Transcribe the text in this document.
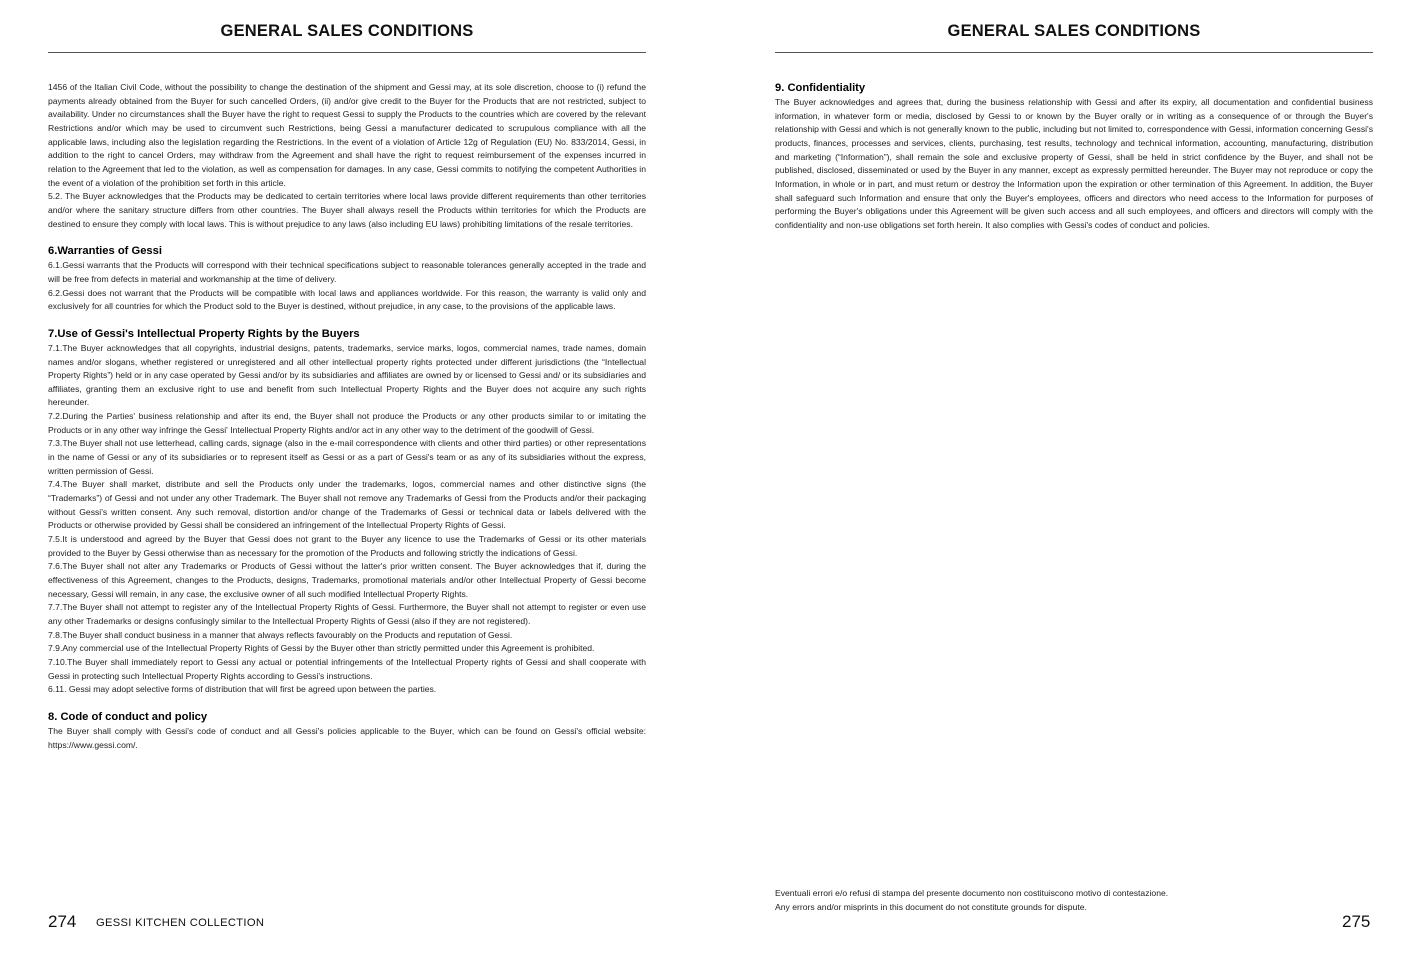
GENERAL SALES CONDITIONS

1456 of the Italian Civil Code, without the possibility to change the destination of the shipment and Gessi may, at its sole discretion, choose to (i) refund the payments already obtained from the Buyer for such cancelled Orders, (ii) and/or give credit to the Buyer for the Products that are not restricted, subject to availability. Under no circumstances shall the Buyer have the right to request Gessi to supply the Products to the countries which are covered by the relevant Restrictions and/or which may be used to circumvent such Restrictions, being Gessi a manufacturer dedicated to scrupulous compliance with all the applicable laws, including also the legislation regarding the Restrictions. In the event of a violation of Article 12g of Regulation (EU) No. 833/2014, Gessi, in addition to the right to cancel Orders, may withdraw from the Agreement and shall have the right to request reimbursement of the expenses incurred in relation to the Agreement that led to the violation, as well as compensation for damages. In any case, Gessi commits to notifying the competent Authorities in the event of a violation of the prohibition set forth in this article.

5.2. The Buyer acknowledges that the Products may be dedicated to certain territories where local laws provide different requirements than other territories and/or where the sanitary structure differs from other countries. The Buyer shall always resell the Products within territories for which the Products are destined to ensure they comply with local laws. This is without prejudice to any laws (also including EU laws) prohibiting limitations of the resale territories.

6.Warranties of Gessi

6.1.Gessi warrants that the Products will correspond with their technical specifications subject to reasonable tolerances generally accepted in the trade and will be free from defects in material and workmanship at the time of delivery.

6.2.Gessi does not warrant that the Products will be compatible with local laws and appliances worldwide. For this reason, the warranty is valid only and exclusively for all countries for which the Product sold to the Buyer is destined, without prejudice, in any case, to the provisions of the applicable laws.

7.Use of Gessi's Intellectual Property Rights by the Buyers

7.1.The Buyer acknowledges that all copyrights, industrial designs, patents, trademarks, service marks, logos, commercial names, trade names, domain names and/or slogans, whether registered or unregistered and all other intellectual property rights protected under different jurisdictions (the “Intellectual Property Rights”) held or in any case operated by Gessi and/or by its subsidiaries and affiliates are owned by or licensed to Gessi and/ or its subsidiaries and affiliates, granting them an exclusive right to use and benefit from such Intellectual Property Rights and the Buyer does not acquire any such rights hereunder.

7.2.During the Parties' business relationship and after its end, the Buyer shall not produce the Products or any other products similar to or imitating the Products or in any other way infringe the Gessi' Intellectual Property Rights and/or act in any other way to the detriment of the goodwill of Gessi.

7.3.The Buyer shall not use letterhead, calling cards, signage (also in the e-mail correspondence with clients and other third parties) or other representations in the name of Gessi or any of its subsidiaries or to represent itself as Gessi or as a part of Gessi's team or as any of its subsidiaries without the express, written permission of Gessi.

7.4.The Buyer shall market, distribute and sell the Products only under the trademarks, logos, commercial names and other distinctive signs (the “Trademarks”) of Gessi and not under any other Trademark. The Buyer shall not remove any Trademarks of Gessi from the Products and/or their packaging without Gessi's written consent. Any such removal, distortion and/or change of the Trademarks of Gessi or technical data or labels delivered with the Products or otherwise provided by Gessi shall be considered an infringement of the Intellectual Property Rights of Gessi.

7.5.It is understood and agreed by the Buyer that Gessi does not grant to the Buyer any licence to use the Trademarks of Gessi or its other materials provided to the Buyer by Gessi otherwise than as necessary for the promotion of the Products and following strictly the indications of Gessi.

7.6.The Buyer shall not alter any Trademarks or Products of Gessi without the latter's prior written consent. The Buyer acknowledges that if, during the effectiveness of this Agreement, changes to the Products, designs, Trademarks, promotional materials and/or other Intellectual Property of Gessi become necessary, Gessi will remain, in any case, the exclusive owner of all such modified Intellectual Property Rights.

7.7.The Buyer shall not attempt to register any of the Intellectual Property Rights of Gessi. Furthermore, the Buyer shall not attempt to register or even use any other Trademarks or designs confusingly similar to the Intellectual Property Rights of Gessi (also if they are not registered).

7.8.The Buyer shall conduct business in a manner that always reflects favourably on the Products and reputation of Gessi.

7.9.Any commercial use of the Intellectual Property Rights of Gessi by the Buyer other than strictly permitted under this Agreement is prohibited.

7.10.The Buyer shall immediately report to Gessi any actual or potential infringements of the Intellectual Property rights of Gessi and shall cooperate with Gessi in protecting such Intellectual Property Rights according to Gessi's instructions.

6.11. Gessi may adopt selective forms of distribution that will first be agreed upon between the parties.

8. Code of conduct and policy

The Buyer shall comply with Gessi's code of conduct and all Gessi's policies applicable to the Buyer, which can be found on Gessi's official website: https://www.gessi.com/.

274 GESSI KITCHEN COLLECTION
GENERAL SALES CONDITIONS
9. Confidentiality

The Buyer acknowledges and agrees that, during the business relationship with Gessi and after its expiry, all documentation and confidential business information, in whatever form or media, disclosed by Gessi to or known by the Buyer orally or in writing as a consequence of or through the Buyer's relationship with Gessi and which is not generally known to the public, including but not limited to, correspondence with Gessi, information concerning Gessi's products, finances, processes and services, clients, purchasing, test results, technology and technical information, accounting, manufacturing, distribution and marketing (“Information”), shall remain the sole and exclusive property of Gessi, shall be held in strict confidence by the Buyer, and shall not be published, disclosed, disseminated or used by the Buyer in any manner, except as expressly permitted hereunder. The Buyer may not reproduce or copy the Information, in whole or in part, and must return or destroy the Information upon the expiration or other termination of this Agreement. In addition, the Buyer shall safeguard such Information and ensure that only the Buyer's employees, officers and directors who need access to the Information for purposes of performing the Buyer's obligations under this Agreement will be given such access and all such employees, and officers and directors will comply with the confidentiality and non-use obligations set forth herein. It also complies with Gessi's codes of conduct and policies.

Eventuali errori e/o refusi di stampa del presente documento non costituiscono motivo di contestazione.

Any errors and/or misprints in this document do not constitute grounds for dispute.

275
